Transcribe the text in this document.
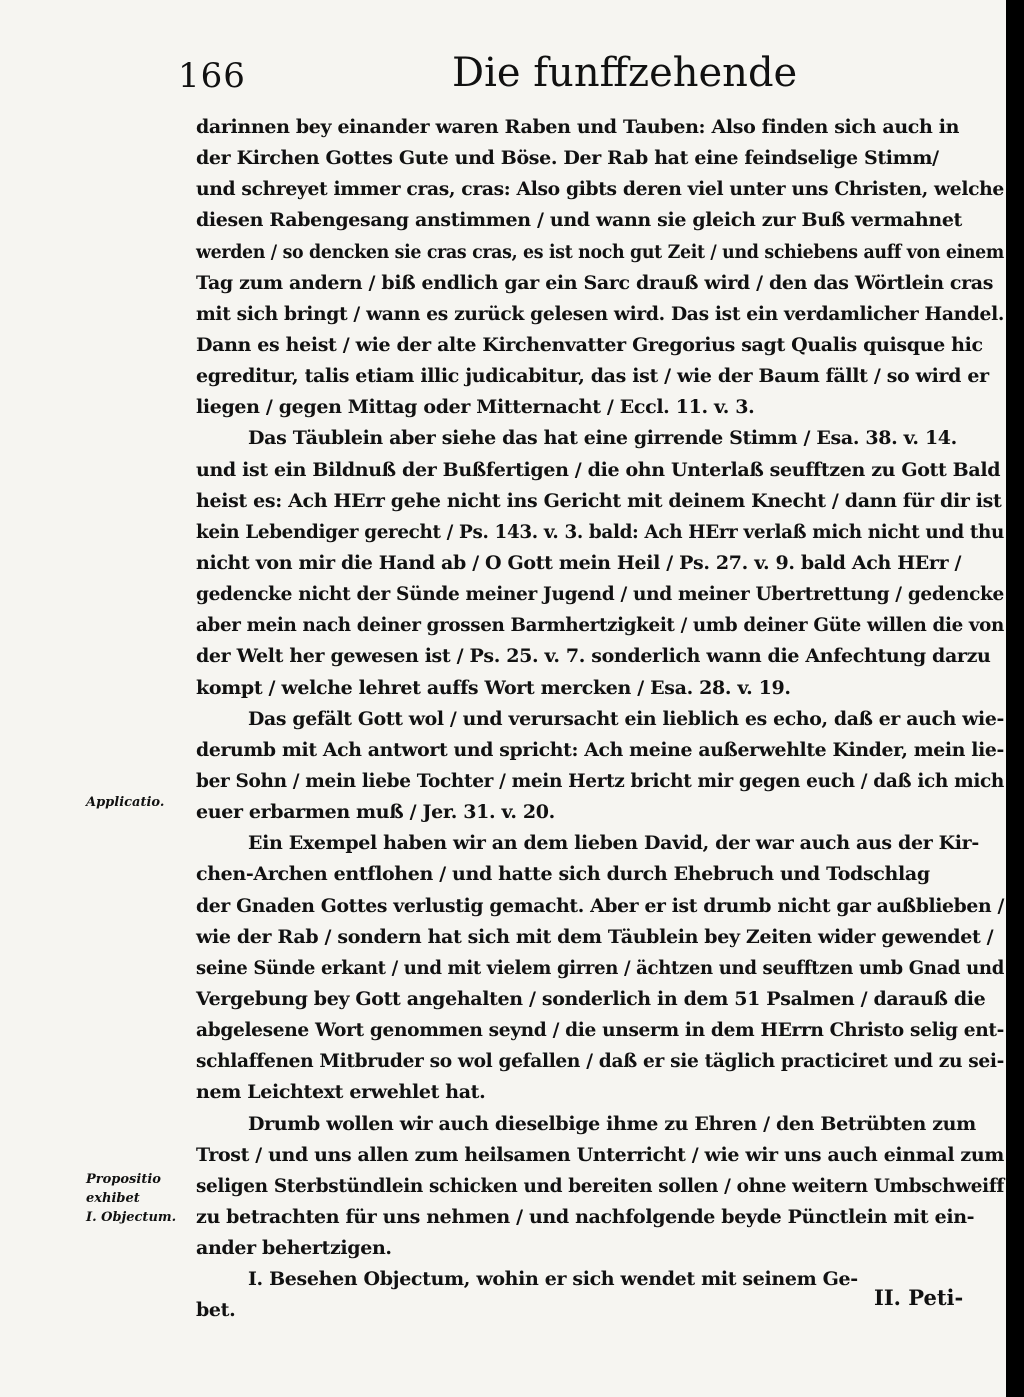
166	Die funffzehende
Applicatio.
Propositio
exhibet
I. Objectum.
darinnen bey einander waren Raben und Tauben: Also finden sich auch in
der Kirchen Gottes Gute und Böse. Der Rab hat eine feindselige Stimm/
und schreyet immer cras, cras: Also gibts deren viel unter uns Christen, welche
diesen Rabengesang anstimmen / und wann sie gleich zur Buß vermahnet
werden / so dencken sie cras cras, es ist noch gut Zeit / und schiebens auff von einem
Tag zum andern / biß endlich gar ein Sarc drauß wird / den das Wörtlein cras
mit sich bringt / wann es zurück gelesen wird. Das ist ein verdamlicher Handel.
Dann es heist / wie der alte Kirchenvatter Gregorius sagt Qualis quisque hic
egreditur, talis etiam illic judicabitur, das ist / wie der Baum fällt / so wird er
liegen / gegen Mittag oder Mitternacht / Eccl. 11. v. 3.
Das Täublein aber siehe das hat eine girrende Stimm / Esa. 38. v. 14.
und ist ein Bildnuß der Bußfertigen / die ohn Unterlaß seufftzen zu Gott Bald
heist es: Ach HErr gehe nicht ins Gericht mit deinem Knecht / dann für dir ist
kein Lebendiger gerecht / Ps. 143. v. 3. bald: Ach HErr verlaß mich nicht und thu
nicht von mir die Hand ab / O Gott mein Heil / Ps. 27. v. 9. bald Ach HErr /
gedencke nicht der Sünde meiner Jugend / und meiner Ubertrettung / gedencke
aber mein nach deiner grossen Barmhertzigkeit / umb deiner Güte willen die von
der Welt her gewesen ist / Ps. 25. v. 7. sonderlich wann die Anfechtung darzu
kompt / welche lehret auffs Wort mercken / Esa. 28. v. 19.
Das gefält Gott wol / und verursacht ein lieblich es echo, daß er auch wie-
derumb mit Ach antwort und spricht: Ach meine außerwehlte Kinder, mein lie-
ber Sohn / mein liebe Tochter / mein Hertz bricht mir gegen euch / daß ich mich
euer erbarmen muß / Jer. 31. v. 20.
Ein Exempel haben wir an dem lieben David, der war auch aus der Kir-
chen-Archen entflohen / und hatte sich durch Ehebruch und Todschlag
der Gnaden Gottes verlustig gemacht. Aber er ist drumb nicht gar außblieben /
wie der Rab / sondern hat sich mit dem Täublein bey Zeiten wider gewendet /
seine Sünde erkant / und mit vielem girren / ächtzen und seufftzen umb Gnad und
Vergebung bey Gott angehalten / sonderlich in dem 51 Psalmen / darauß die
abgelesene Wort genommen seynd / die unserm in dem HErrn Christo selig ent-
schlaffenen Mitbruder so wol gefallen / daß er sie täglich practiciret und zu sei-
nem Leichtext erwehlet hat.
Drumb wollen wir auch dieselbige ihme zu Ehren / den Betrübten zum
Trost / und uns allen zum heilsamen Unterricht / wie wir uns auch einmal zum
seligen Sterbstündlein schicken und bereiten sollen / ohne weitern Umbschweiff
zu betrachten für uns nehmen / und nachfolgende beyde Pünctlein mit ein-
ander behertzigen.
I. Besehen Objectum, wohin er sich wendet mit seinem Ge-
bet.
II. Peti-
